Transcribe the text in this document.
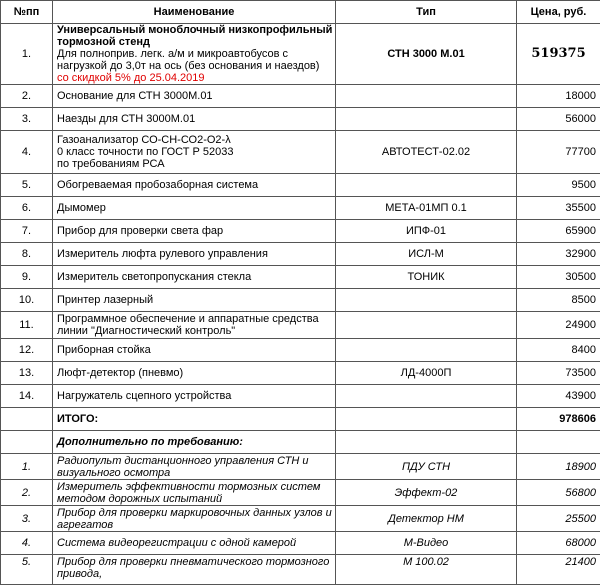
№пп	Наименование	Тип	Цена, руб.
1.	Универсальный моноблочный низкопрофильный
тормозной стенд
Для полноприв. легк. а/м и микроавтобусов с
нагрузкой до 3,0т на ось (без основания и наездов)
со скидкой 5% до 25.04.2019	СТН 3000 М.01	519375
2.	Основание для СТН 3000М.01		18000
3.	Наезды для СТН 3000М.01		56000
4.	Газоанализатор СО-СН-СО2-О2-λ
0 класс точности по ГОСТ Р 52033
по требованиям РСА	АВТОТЕСТ-02.02	77700
5.	Обогреваемая пробозаборная система		9500
6.	Дымомер	МЕТА-01МП 0.1	35500
7.	Прибор для проверки света фар	ИПФ-01	65900
8.	Измеритель люфта рулевого управления	ИСЛ-М	32900
9.	Измеритель светопропускания стекла	ТОНИК	30500
10.	Принтер лазерный		8500
11.	Программное обеспечение и аппаратные средства
линии "Диагностический контроль"		24900
12.	Приборная стойка		8400
13.	Люфт-детектор (пневмо)	ЛД-4000П	73500
14.	Нагружатель сцепного устройства		43900
	ИТОГО:		978606
	Дополнительно по требованию:		
1.	Радиопульт дистанционного управления СТН и
визуального осмотра	ПДУ СТН	18900
2.	Измеритель эффективности тормозных систем
методом дорожных испытаний	Эффект-02	56800
3.	Прибор для проверки маркировочных данных узлов и
агрегатов	Детектор НМ	25500
4.	Система видеорегистрации с одной камерой	М-Видео	68000
5.	Прибор для проверки пневматического тормозного привода,	М 100.02	21400
